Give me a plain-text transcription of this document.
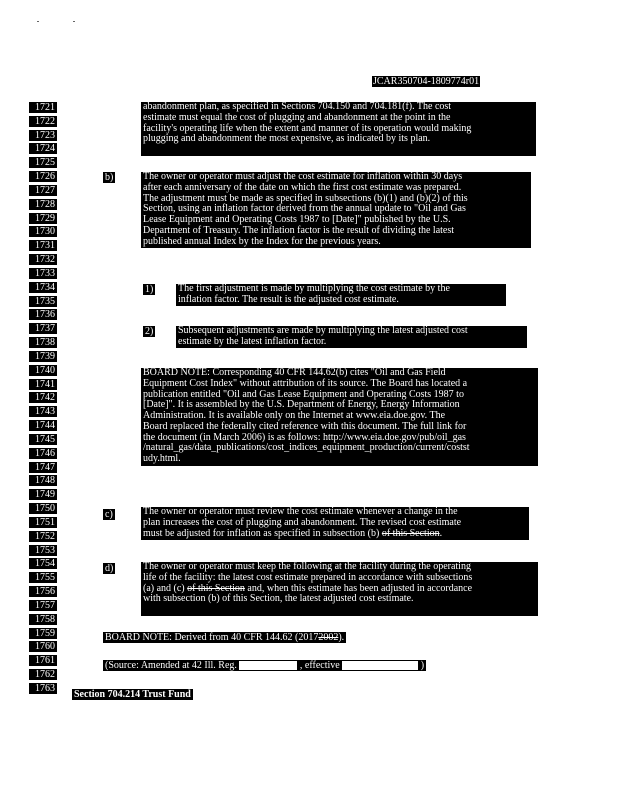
JCAR350704-1809774r01
1721
1722
1723
1724
1725
1726
1727
1728
1729
1730
1731
1732
1733
1734
1735
1736
1737
1738
1739
1740
1741
1742
1743
1744
1745
1746
1747
1748
1749
1750
1751
1752
1753
1754
1755
1756
1757
1758
1759
1760
1761
1762
1763
abandonment plan, as specified in Sections 704.150 and 704.181(f). The cost
estimate must equal the cost of plugging and abandonment at the point in the
facility's operating life when the extent and manner of its operation would making
plugging and abandonment the most expensive, as indicated by its plan.
b)	The owner or operator must adjust the cost estimate for inflation within 30 days
after each anniversary of the date on which the first cost estimate was prepared.
The adjustment must be made as specified in subsections (b)(1) and (b)(2) of this
Section, using an inflation factor derived from the annual update to "Oil and Gas
Lease Equipment and Operating Costs 1987 to [Date]" published by the U.S.
Department of Treasury. The inflation factor is the result of dividing the latest
published annual Index by the Index for the previous years.
1) The first adjustment is made by multiplying the cost estimate by the
inflation factor. The result is the adjusted cost estimate.
2) Subsequent adjustments are made by multiplying the latest adjusted cost
estimate by the latest inflation factor.
BOARD NOTE: Corresponding 40 CFR 144.62(b) cites "Oil and Gas Field
Equipment Cost Index" without attribution of its source. The Board has located a
publication entitled "Oil and Gas Lease Equipment and Operating Costs 1987 to
[Date]". It is assembled by the U.S. Department of Energy, Energy Information
Administration. It is available only on the Internet at www.eia.doe.gov. The
Board replaced the federally cited reference with this document. The full link for
the document (in March 2006) is as follows: http://www.eia.doe.gov/pub/oil_gas
/natural_gas/data_publications/cost_indices_equipment_production/current/costst
udy.html.
c)	The owner or operator must review the cost estimate whenever a change in the
plan increases the cost of plugging and abandonment. The revised cost estimate
must be adjusted for inflation as specified in subsection (b) of this Section.
d)	The owner or operator must keep the following at the facility during the operating
life of the facility: the latest cost estimate prepared in accordance with subsections
(a) and (c) of this Section and, when this estimate has been adjusted in accordance
with subsection (b) of this Section, the latest adjusted cost estimate.
BOARD NOTE: Derived from 40 CFR 144.62 (20172002).
(Source: Amended at 42 Ill. Reg.	, effective	)
Section 704.214 Trust Fund
